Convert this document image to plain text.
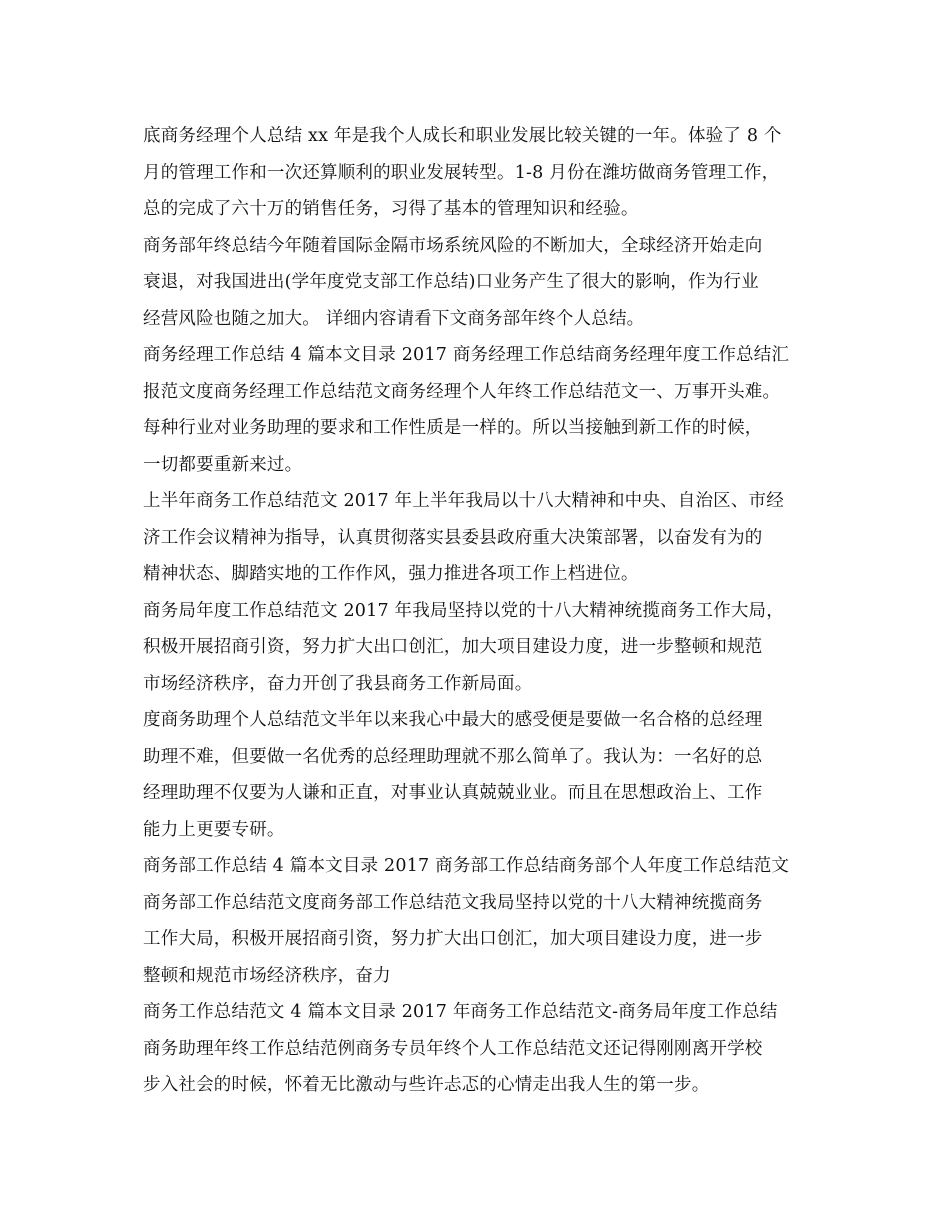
底商务经理个人总结 xx 年是我个人成长和职业发展比较关键的一年。体验了 8 个
月的管理工作和一次还算顺利的职业发展转型。1-8 月份在潍坊做商务管理工作，
总的完成了六十万的销售任务，习得了基本的管理知识和经验。

商务部年终总结今年随着国际金隔市场系统风险的不断加大，全球经济开始走向
衰退，对我国进出(学年度党支部工作总结)口业务产生了很大的影响，作为行业
经营风险也随之加大。 详细内容请看下文商务部年终个人总结。

商务经理工作总结 4 篇本文目录 2017 商务经理工作总结商务经理年度工作总结汇
报范文度商务经理工作总结范文商务经理个人年终工作总结范文一、万事开头难。
每种行业对业务助理的要求和工作性质是一样的。所以当接触到新工作的时候，
一切都要重新来过。

上半年商务工作总结范文 2017 年上半年我局以十八大精神和中央、自治区、市经
济工作会议精神为指导，认真贯彻落实县委县政府重大决策部署，以奋发有为的
精神状态、脚踏实地的工作作风，强力推进各项工作上档进位。

商务局年度工作总结范文 2017 年我局坚持以党的十八大精神统揽商务工作大局，
积极开展招商引资，努力扩大出口创汇，加大项目建设力度，进一步整顿和规范
市场经济秩序，奋力开创了我县商务工作新局面。

度商务助理个人总结范文半年以来我心中最大的感受便是要做一名合格的总经理
助理不难，但要做一名优秀的总经理助理就不那么简单了。我认为：一名好的总
经理助理不仅要为人谦和正直，对事业认真兢兢业业。而且在思想政治上、工作
能力上更要专研。

商务部工作总结 4 篇本文目录 2017 商务部工作总结商务部个人年度工作总结范文
商务部工作总结范文度商务部工作总结范文我局坚持以党的十八大精神统揽商务
工作大局，积极开展招商引资，努力扩大出口创汇，加大项目建设力度，进一步
整顿和规范市场经济秩序，奋力

商务工作总结范文 4 篇本文目录 2017 年商务工作总结范文-商务局年度工作总结
商务助理年终工作总结范例商务专员年终个人工作总结范文还记得刚刚离开学校
步入社会的时候，怀着无比激动与些许忐忑的心情走出我人生的第一步。
